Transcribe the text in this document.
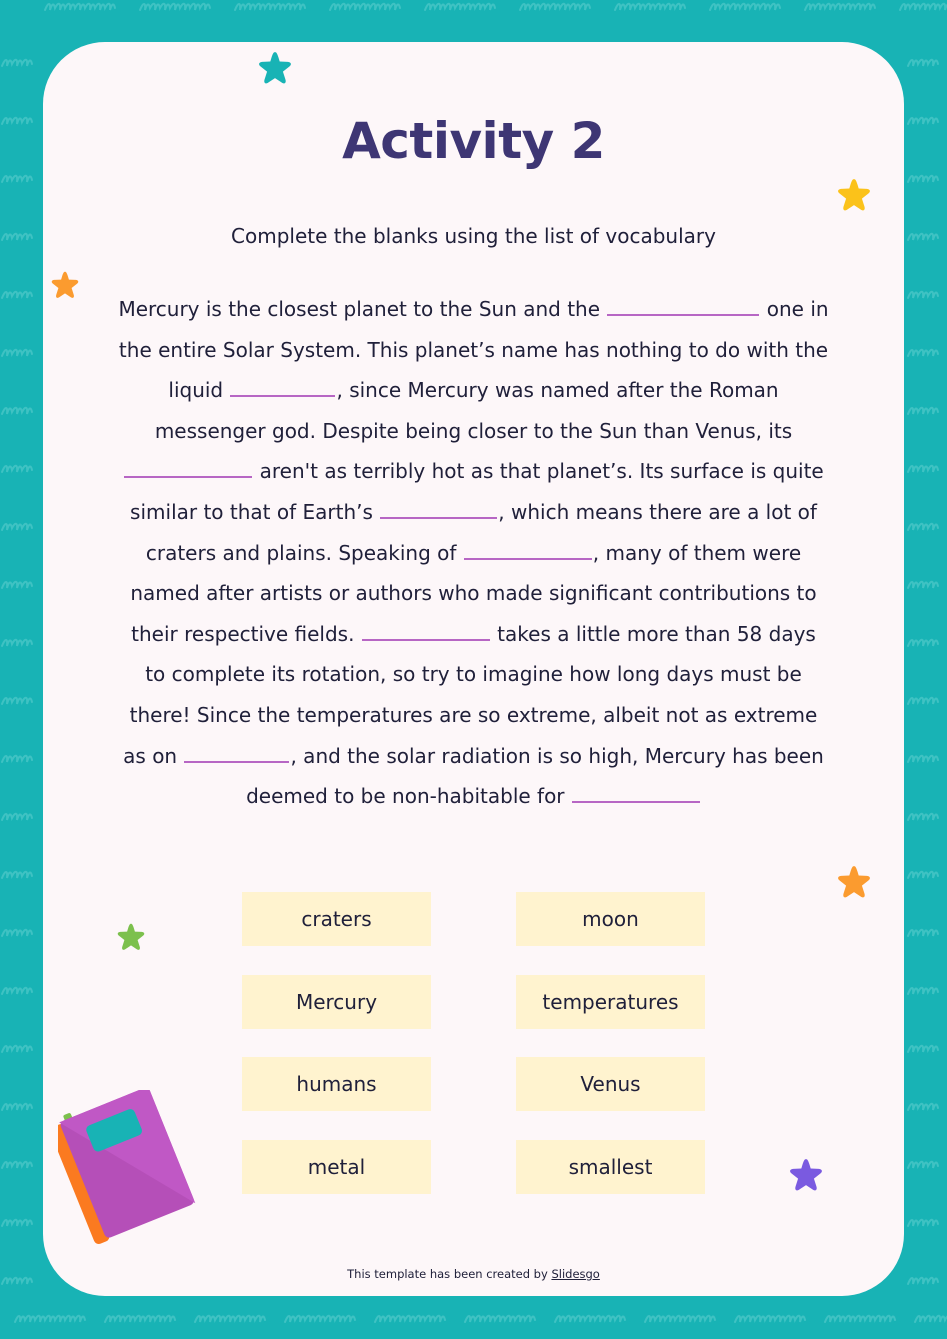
Activity 2
Complete the blanks using the list of vocabulary
Mercury is the closest planet to the Sun and the	one in the entire Solar System. This planet’s name has nothing to do with the liquid	, since Mercury was named after the Roman messenger god. Despite being closer to the Sun than Venus, its  aren't as terribly hot as that planet’s. Its surface is quite similar to that of Earth’s	, which means there are a lot of craters and plains. Speaking of	, many of them were named after artists or authors who made significant contributions to their respective fields.	takes a little more than 58 days to complete its rotation, so try to imagine how long days must be there! Since the temperatures are so extreme, albeit not as extreme as on	, and the solar radiation is so high, Mercury has been deemed to be non-habitable for
craters	moon
Mercury	temperatures
humans	Venus
metal	smallest
This template has been created by Slidesgo
